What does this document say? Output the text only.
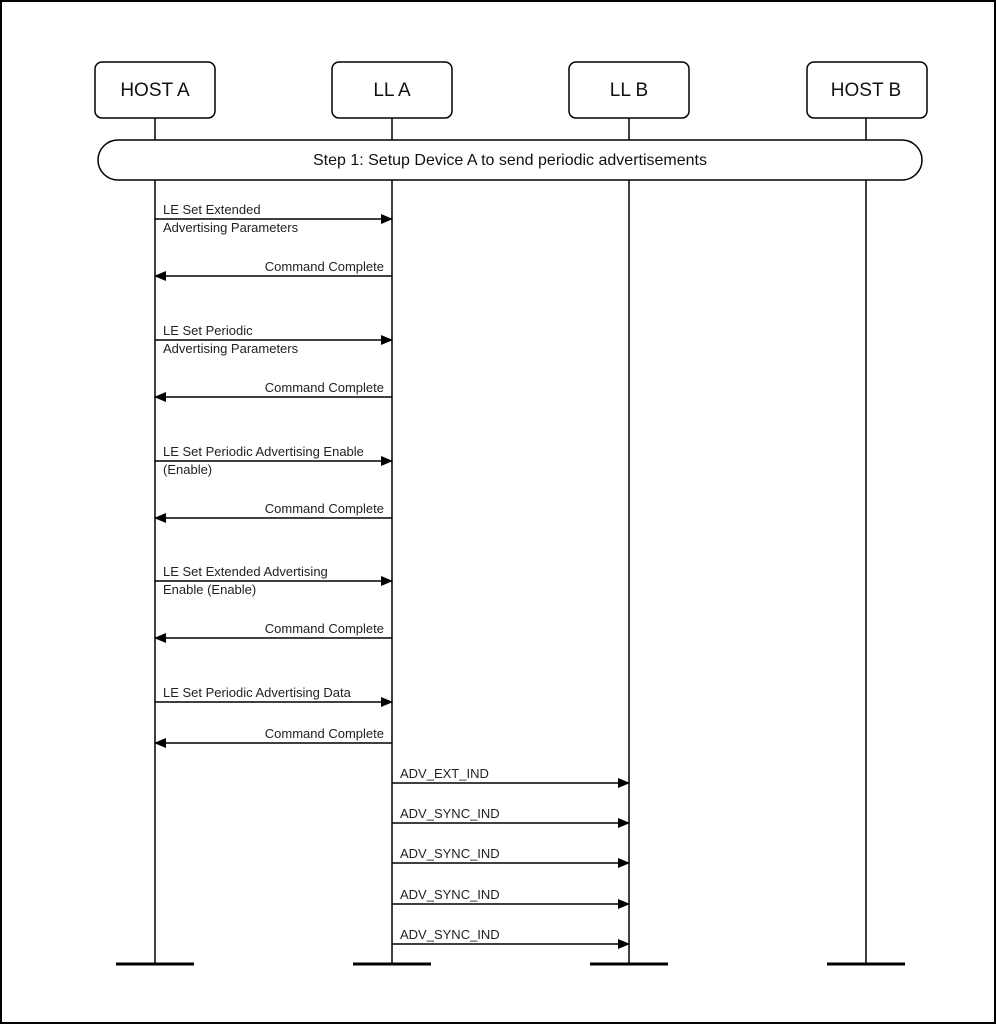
HOST A	LL A	LL B	HOST B
Step 1: Setup Device A to send periodic advertisements
LE Set Extended
Advertising Parameters
Command Complete
LE Set Periodic
Advertising Parameters
Command Complete
LE Set Periodic Advertising Enable
(Enable)
Command Complete
LE Set Extended Advertising
Enable (Enable)
Command Complete
LE Set Periodic Advertising Data
Command Complete
ADV_EXT_IND
ADV_SYNC_IND
ADV_SYNC_IND
ADV_SYNC_IND
ADV_SYNC_IND
